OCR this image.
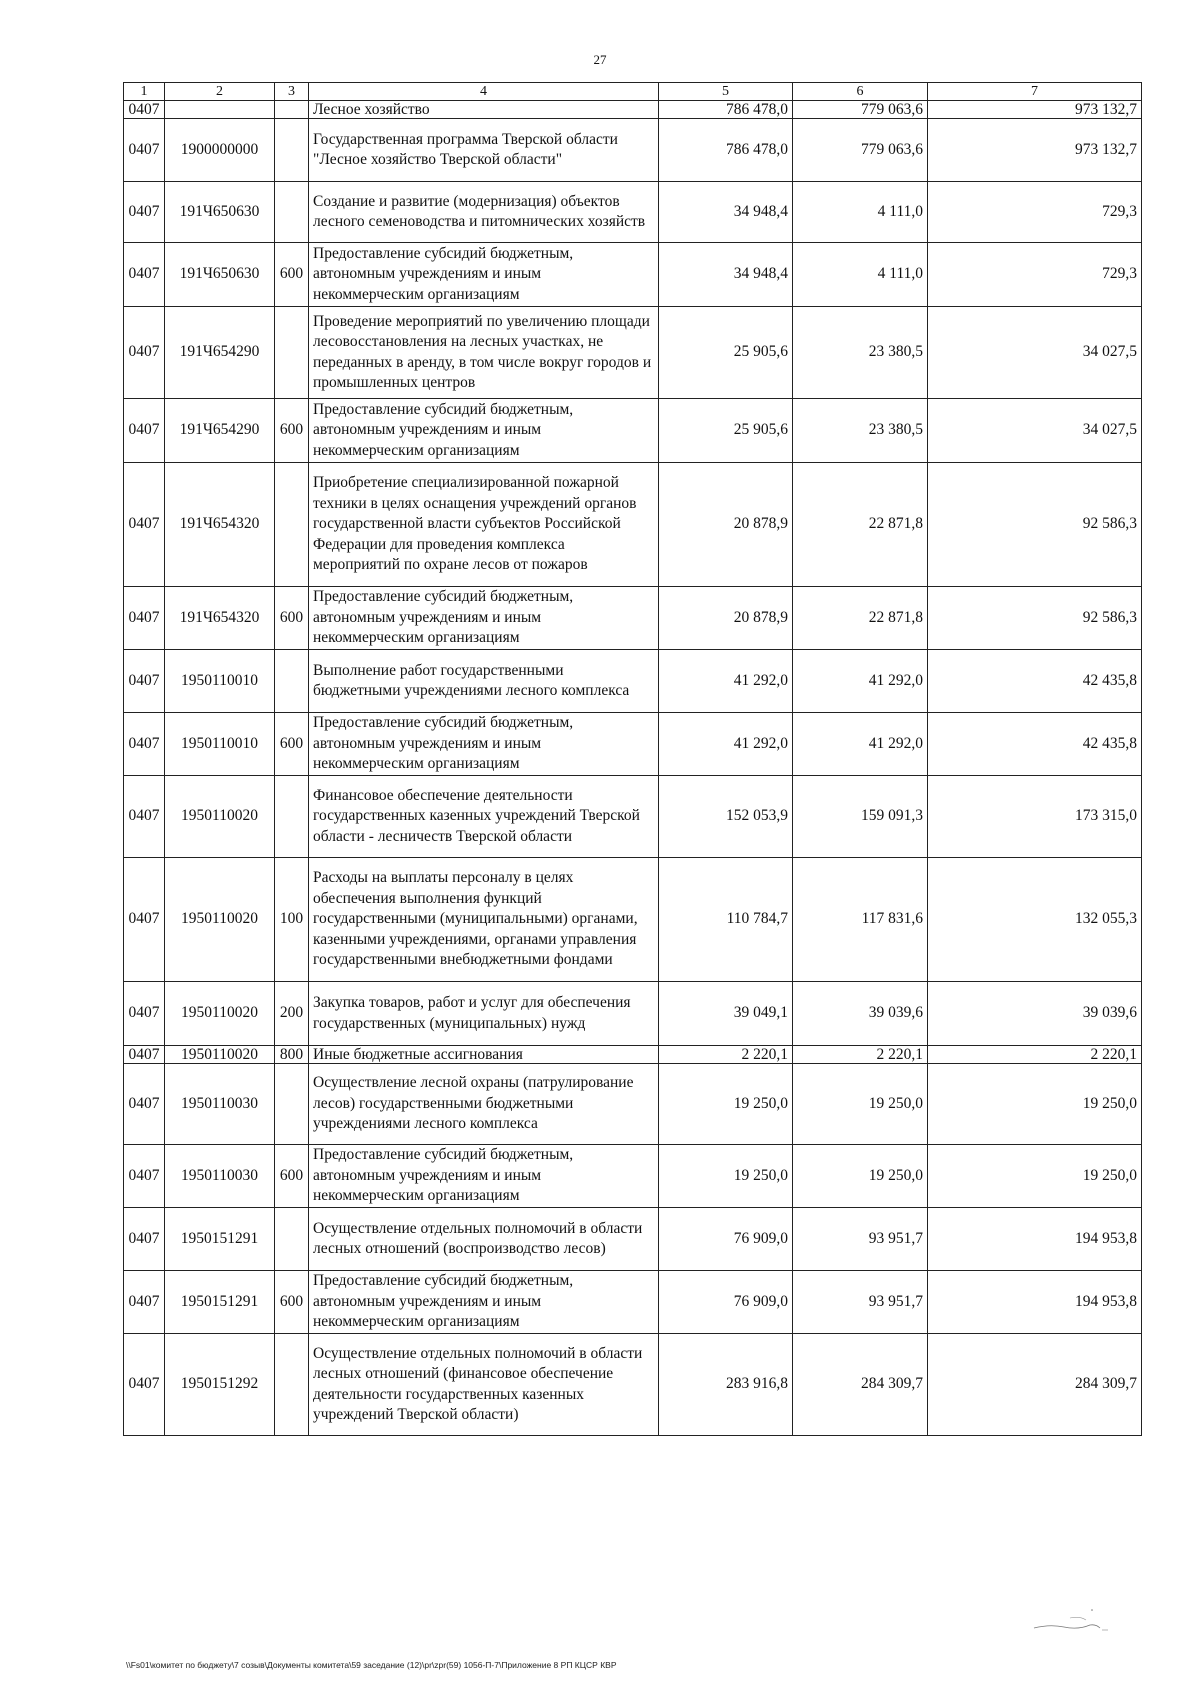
27
1	2	3	4	5	6	7
0407			Лесное хозяйство	786 478,0	779 063,6	973 132,7
0407	1900000000		Государственная программа Тверской области "Лесное хозяйство Тверской области"	786 478,0	779 063,6	973 132,7
0407	191Ч650630		Создание и развитие (модернизация) объектов лесного семеноводства и питомнических хозяйств	34 948,4	4 111,0	729,3
0407	191Ч650630	600	Предоставление субсидий бюджетным, автономным учреждениям и иным некоммерческим организациям	34 948,4	4 111,0	729,3
0407	191Ч654290		Проведение мероприятий по увеличению площади лесовосстановления на лесных участках, не переданных в аренду, в том числе вокруг городов и промышленных центров	25 905,6	23 380,5	34 027,5
0407	191Ч654290	600	Предоставление субсидий бюджетным, автономным учреждениям и иным некоммерческим организациям	25 905,6	23 380,5	34 027,5
0407	191Ч654320		Приобретение специализированной пожарной техники в целях оснащения учреждений органов государственной власти субъектов Российской Федерации для проведения комплекса мероприятий по охране лесов от пожаров	20 878,9	22 871,8	92 586,3
0407	191Ч654320	600	Предоставление субсидий бюджетным, автономным учреждениям и иным некоммерческим организациям	20 878,9	22 871,8	92 586,3
0407	1950110010		Выполнение работ государственными бюджетными учреждениями лесного комплекса	41 292,0	41 292,0	42 435,8
0407	1950110010	600	Предоставление субсидий бюджетным, автономным учреждениям и иным некоммерческим организациям	41 292,0	41 292,0	42 435,8
0407	1950110020		Финансовое обеспечение деятельности государственных казенных учреждений Тверской области - лесничеств Тверской области	152 053,9	159 091,3	173 315,0
0407	1950110020	100	Расходы на выплаты персоналу в целях обеспечения выполнения функций государственными (муниципальными) органами, казенными учреждениями, органами управления государственными внебюджетными фондами	110 784,7	117 831,6	132 055,3
0407	1950110020	200	Закупка товаров, работ и услуг для обеспечения государственных (муниципальных) нужд	39 049,1	39 039,6	39 039,6
0407	1950110020	800	Иные бюджетные ассигнования	2 220,1	2 220,1	2 220,1
0407	1950110030		Осуществление лесной охраны (патрулирование лесов) государственными бюджетными учреждениями лесного комплекса	19 250,0	19 250,0	19 250,0
0407	1950110030	600	Предоставление субсидий бюджетным, автономным учреждениям и иным некоммерческим организациям	19 250,0	19 250,0	19 250,0
0407	1950151291		Осуществление отдельных полномочий в области лесных отношений (воспроизводство лесов)	76 909,0	93 951,7	194 953,8
0407	1950151291	600	Предоставление субсидий бюджетным, автономным учреждениям и иным некоммерческим организациям	76 909,0	93 951,7	194 953,8
0407	1950151292		Осуществление отдельных полномочий в области лесных отношений (финансовое обеспечение деятельности государственных казенных учреждений Тверской области)	283 916,8	284 309,7	284 309,7
\\Fs01\комитет по бюджету\7 созыв\Документы комитета\59 заседание (12)\pr\zpr(59) 1056-П-7\Приложение 8 РП КЦСР КВР
